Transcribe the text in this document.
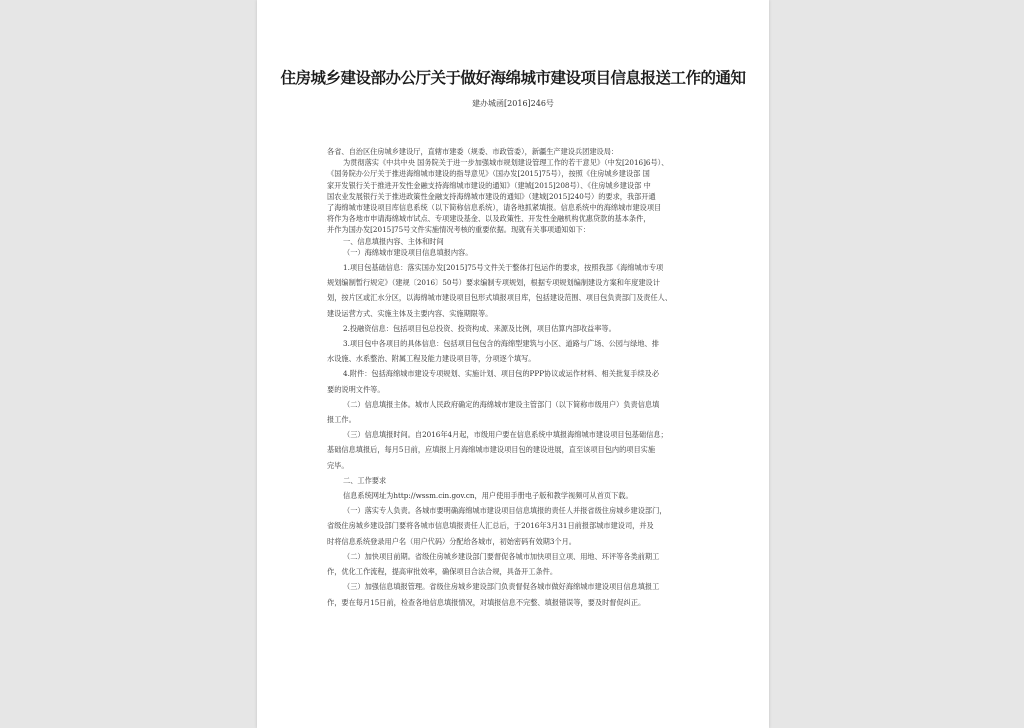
住房城乡建设部办公厅关于做好海绵城市建设项目信息报送工作的通知
建办城函[2016]246号

各省、自治区住房城乡建设厅，直辖市建委（规委、市政管委），新疆生产建设兵团建设局：

为贯彻落实《中共中央 国务院关于进一步加强城市规划建设管理工作的若干意见》（中发[2016]6号）、

《国务院办公厅关于推进海绵城市建设的指导意见》（国办发[2015]75号），按照《住房城乡建设部 国

家开发银行关于推进开发性金融支持海绵城市建设的通知》（建城[2015]208号）、《住房城乡建设部 中

国农业发展银行关于推进政策性金融支持海绵城市建设的通知》（建城[2015]240号）的要求，我部开通

了海绵城市建设项目库信息系统（以下简称信息系统），请各地抓紧填报。信息系统中的海绵城市建设项目

将作为各地市申请海绵城市试点、专项建设基金、以及政策性、开发性金融机构优惠贷款的基本条件，

并作为国办发[2015]75号文件实施情况考核的重要依据。现就有关事项通知如下：

一、信息填报内容、主体和时间

（一）海绵城市建设项目信息填报内容。

1.项目包基础信息：落实国办发[2015]75号文件关于整体打包运作的要求，按照我部《海绵城市专项

规划编制暂行规定》（建规〔2016〕50号）要求编制专项规划，根据专项规划编制建设方案和年度建设计

划，按片区或汇水分区，以海绵城市建设项目包形式填报项目库，包括建设范围、项目包负责部门及责任人、

建设运营方式、实施主体及主要内容、实施期限等。

2.投融资信息：包括项目包总投资、投资构成、来源及比例，项目估算内部收益率等。

3.项目包中各项目的具体信息：包括项目包包含的海绵型建筑与小区、道路与广场、公园与绿地、排

水设施、水系整治、附属工程及能力建设项目等，分项逐个填写。

4.附件：包括海绵城市建设专项规划、实施计划、项目包的PPP协议或运作材料、相关批复手续及必

要的说明文件等。

（二）信息填报主体。城市人民政府确定的海绵城市建设主管部门（以下简称市级用户）负责信息填

报工作。

（三）信息填报时间。自2016年4月起，市级用户要在信息系统中填报海绵城市建设项目包基础信息；

基础信息填报后，每月5日前，应填报上月海绵城市建设项目包的建设进展，直至该项目包内的项目实施

完毕。

二、工作要求

信息系统网址为http://wssm.cin.gov.cn，用户使用手册电子版和教学视频可从首页下载。

（一）落实专人负责。各城市要明确海绵城市建设项目信息填报的责任人并报省级住房城乡建设部门，

省级住房城乡建设部门要将各城市信息填报责任人汇总后，于2016年3月31日前报部城市建设司，并及

时将信息系统登录用户名（用户代码）分配给各城市，初始密码有效期3个月。

（二）加快项目前期。省级住房城乡建设部门要督促各城市加快项目立项、用地、环评等各类前期工

作，优化工作流程，提高审批效率，确保项目合法合规，具备开工条件。

（三）加强信息填报管理。省级住房城乡建设部门负责督促各城市做好海绵城市建设项目信息填报工

作，要在每月15日前，检查各地信息填报情况，对填报信息不完整、填报错误等，要及时督促纠正。
